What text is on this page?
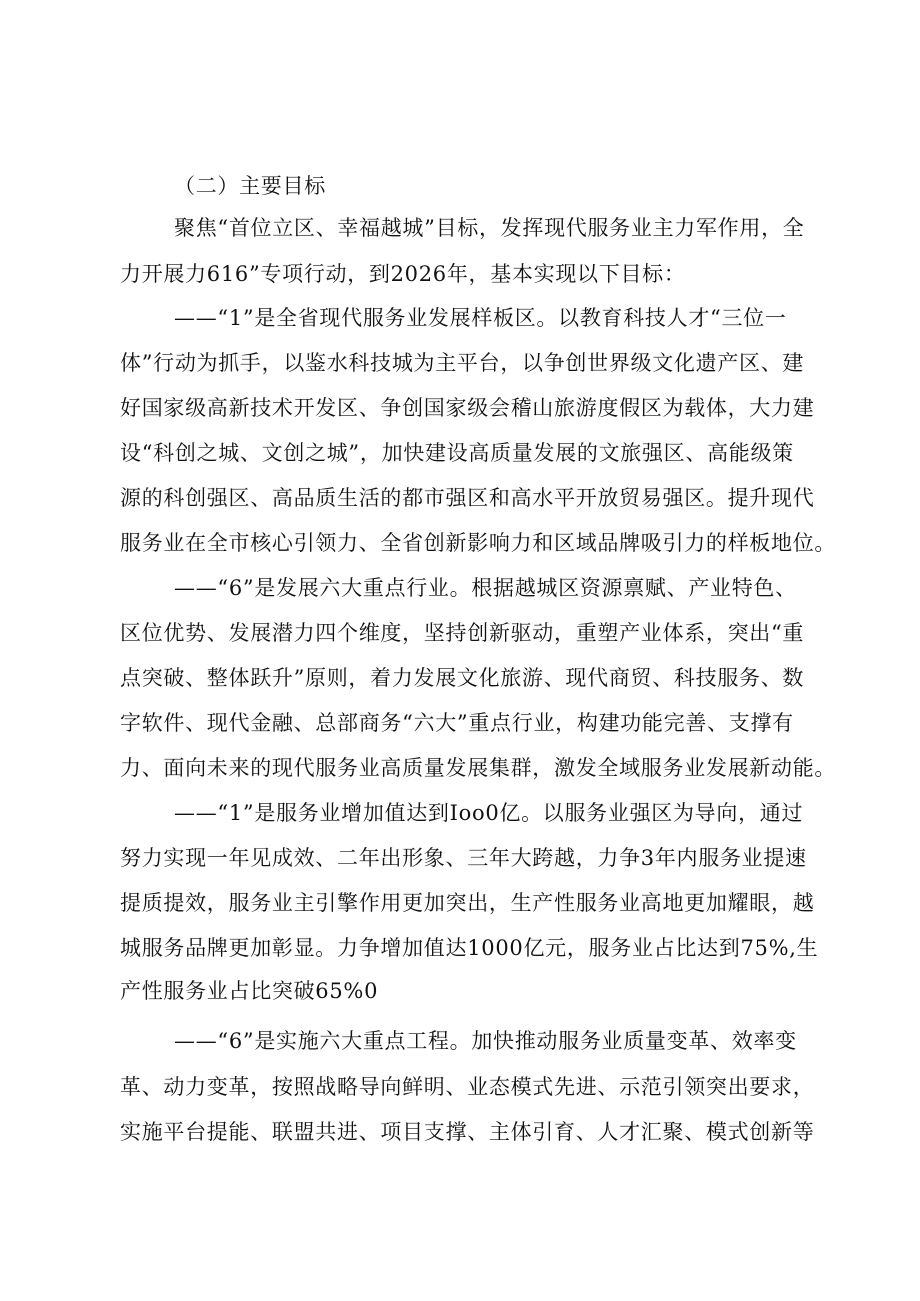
（二）主要目标
聚焦“首位立区、幸福越城”目标，发挥现代服务业主力军作用，全
力开展力616”专项行动，到2026年，基本实现以下目标：
——“1”是全省现代服务业发展样板区。以教育科技人才“三位一
体”行动为抓手，以鉴水科技城为主平台，以争创世界级文化遗产区、建
好国家级高新技术开发区、争创国家级会稽山旅游度假区为载体，大力建
设“科创之城、文创之城”，加快建设高质量发展的文旅强区、高能级策
源的科创强区、高品质生活的都市强区和高水平开放贸易强区。提升现代
服务业在全市核心引领力、全省创新影响力和区域品牌吸引力的样板地位。
——“6”是发展六大重点行业。根据越城区资源禀赋、产业特色、
区位优势、发展潜力四个维度，坚持创新驱动，重塑产业体系，突出“重
点突破、整体跃升”原则，着力发展文化旅游、现代商贸、科技服务、数
字软件、现代金融、总部商务“六大”重点行业，构建功能完善、支撑有
力、面向未来的现代服务业高质量发展集群，激发全域服务业发展新动能。
——“1”是服务业增加值达到Ioo0亿。以服务业强区为导向，通过
努力实现一年见成效、二年出形象、三年大跨越，力争3年内服务业提速
提质提效，服务业主引擎作用更加突出，生产性服务业高地更加耀眼，越
城服务品牌更加彰显。力争增加值达1000亿元，服务业占比达到75%,生
产性服务业占比突破65%0
——“6”是实施六大重点工程。加快推动服务业质量变革、效率变
革、动力变革，按照战略导向鲜明、业态模式先进、示范引领突出要求，
实施平台提能、联盟共进、项目支撑、主体引育、人才汇聚、模式创新等
